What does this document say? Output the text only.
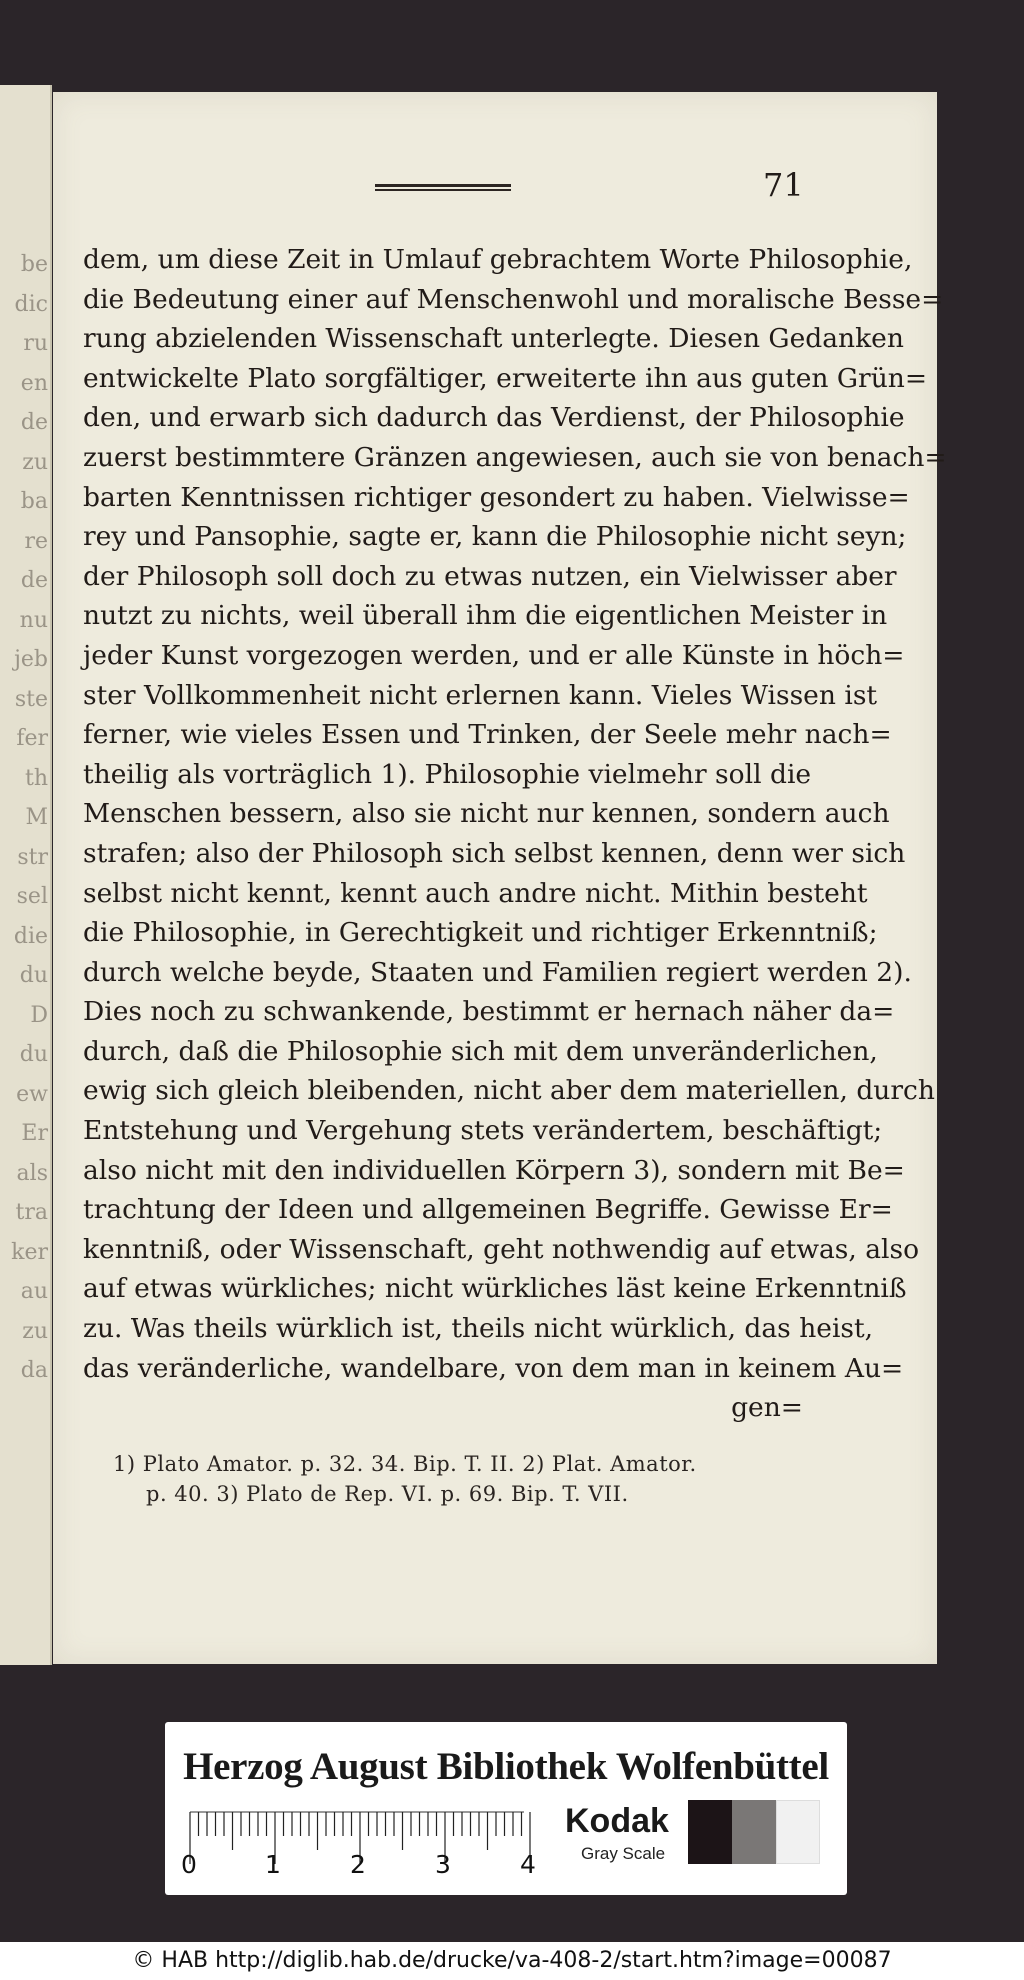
be
dic
ru
en
de
zu
ba
re
de
nu
jeb
ste
fer
th
M
str
sel
die
du
D
du
ew
Er
als
tra
ker
au
zu
da
71
dem, um diese Zeit in Umlauf gebrachtem Worte Philosophie,
die Bedeutung einer auf Menschenwohl und moralische Besse=
rung abzielenden Wissenschaft unterlegte. Diesen Gedanken
entwickelte Plato sorgfältiger, erweiterte ihn aus guten Grün=
den, und erwarb sich dadurch das Verdienst, der Philosophie
zuerst bestimmtere Gränzen angewiesen, auch sie von benach=
barten Kenntnissen richtiger gesondert zu haben. Vielwisse=
rey und Pansophie, sagte er, kann die Philosophie nicht seyn;
der Philosoph soll doch zu etwas nutzen, ein Vielwisser aber
nutzt zu nichts, weil überall ihm die eigentlichen Meister in
jeder Kunst vorgezogen werden, und er alle Künste in höch=
ster Vollkommenheit nicht erlernen kann. Vieles Wissen ist
ferner, wie vieles Essen und Trinken, der Seele mehr nach=
theilig als vorträglich 1). Philosophie vielmehr soll die
Menschen bessern, also sie nicht nur kennen, sondern auch
strafen; also der Philosoph sich selbst kennen, denn wer sich
selbst nicht kennt, kennt auch andre nicht. Mithin besteht
die Philosophie, in Gerechtigkeit und richtiger Erkenntniß;
durch welche beyde, Staaten und Familien regiert werden 2).
Dies noch zu schwankende, bestimmt er hernach näher da=
durch, daß die Philosophie sich mit dem unveränderlichen,
ewig sich gleich bleibenden, nicht aber dem materiellen, durch
Entstehung und Vergehung stets verändertem, beschäftigt;
also nicht mit den individuellen Körpern 3), sondern mit Be=
trachtung der Ideen und allgemeinen Begriffe. Gewisse Er=
kenntniß, oder Wissenschaft, geht nothwendig auf etwas, also
auf etwas würkliches; nicht würkliches läst keine Erkenntniß
zu. Was theils würklich ist, theils nicht würklich, das heist,
das veränderliche, wandelbare, von dem man in keinem Au=
gen=
1) Plato Amator. p. 32. 34. Bip. T. II. 2) Plat. Amator.
p. 40. 3) Plato de Rep. VI. p. 69. Bip. T. VII.
Herzog August Bibliothek Wolfenbüttel
0	1	2	3	4
Kodak
Gray Scale
© HAB http://diglib.hab.de/drucke/va-408-2/start.htm?image=00087
